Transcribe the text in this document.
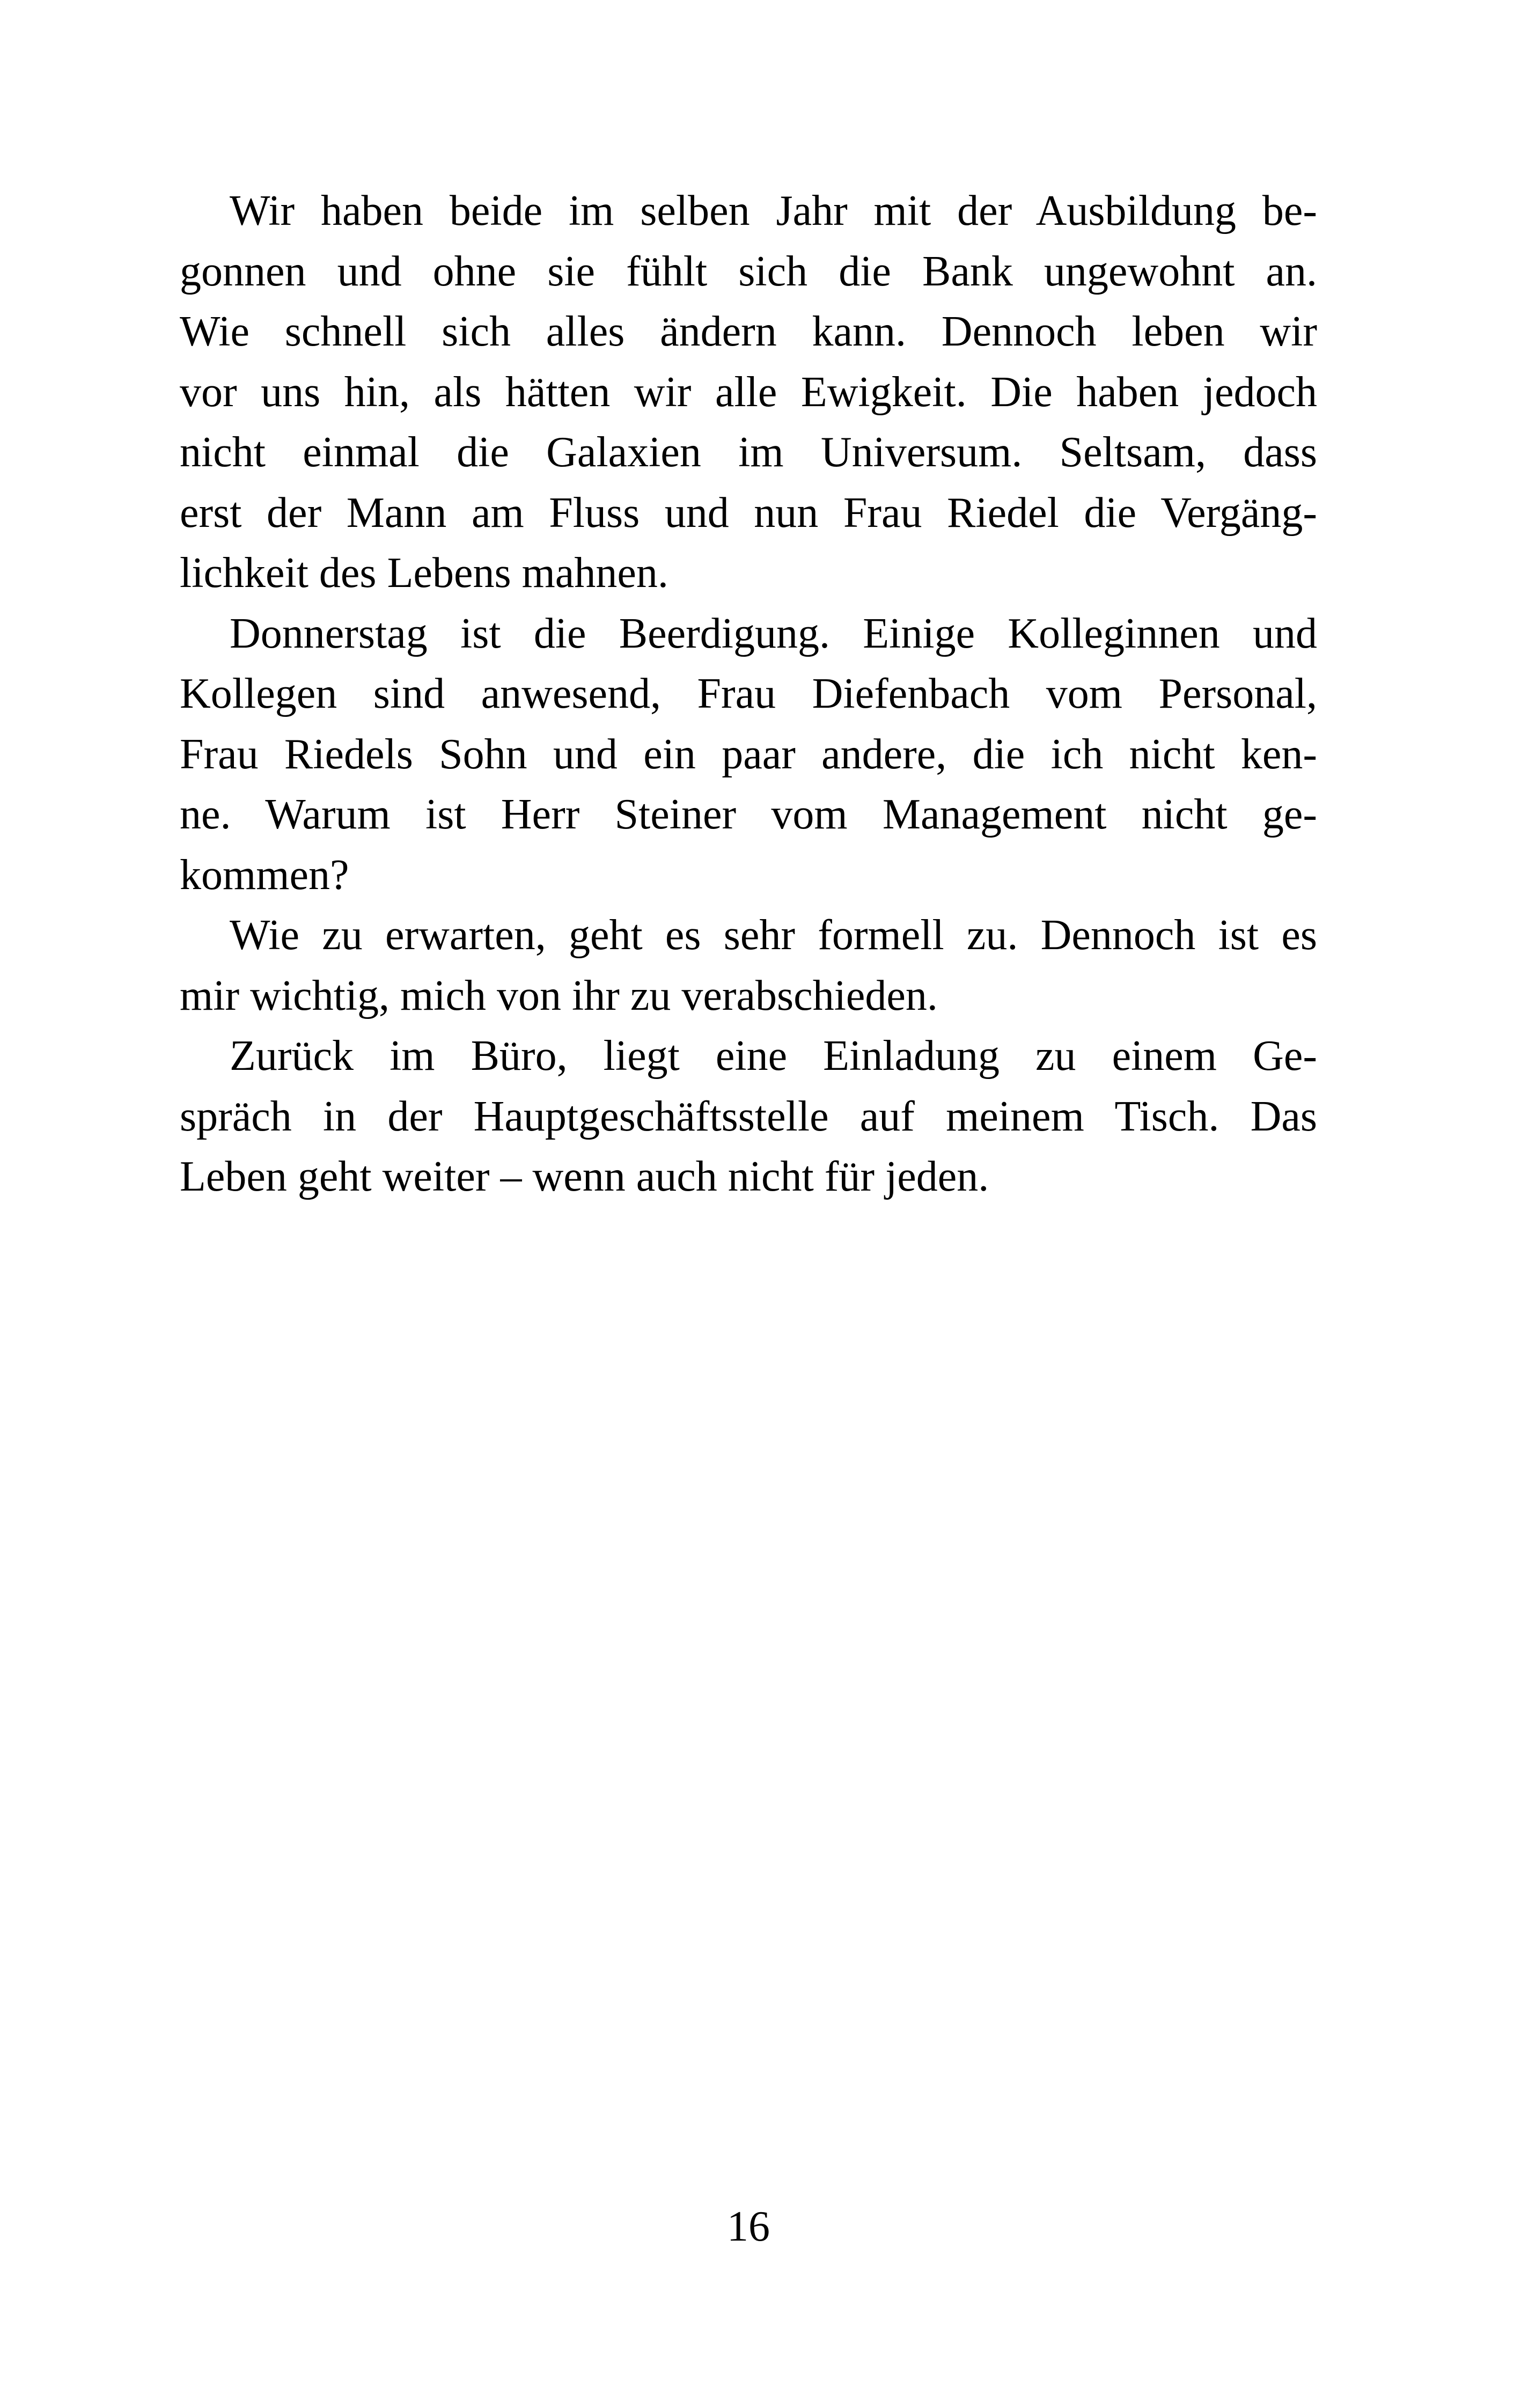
Wir haben beide im selben Jahr mit der Ausbildung be-
gonnen und ohne sie fühlt sich die Bank ungewohnt an.
Wie schnell sich alles ändern kann. Dennoch leben wir
vor uns hin, als hätten wir alle Ewigkeit. Die haben jedoch
nicht einmal die Galaxien im Universum. Seltsam, dass
erst der Mann am Fluss und nun Frau Riedel die Vergäng-
lichkeit des Lebens mahnen.
Donnerstag ist die Beerdigung. Einige Kolleginnen und
Kollegen sind anwesend, Frau Diefenbach vom Personal,
Frau Riedels Sohn und ein paar andere, die ich nicht ken-
ne. Warum ist Herr Steiner vom Management nicht ge-
kommen?
Wie zu erwarten, geht es sehr formell zu. Dennoch ist es
mir wichtig, mich von ihr zu verabschieden.
Zurück im Büro, liegt eine Einladung zu einem Ge-
spräch in der Hauptgeschäftsstelle auf meinem Tisch. Das
Leben geht weiter – wenn auch nicht für jeden.
16
